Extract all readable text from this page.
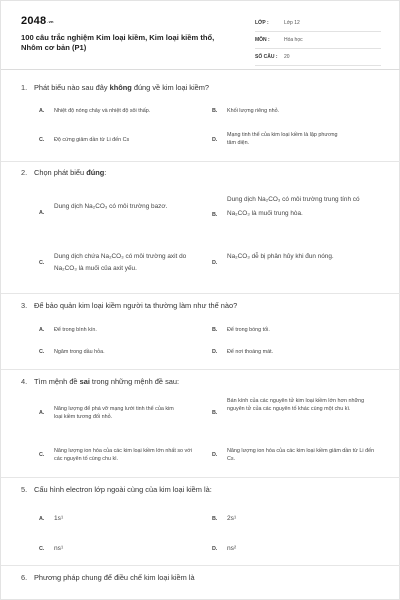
2048.vn
100 câu trắc nghiệm Kim loại kiềm, Kim loại kiềm thổ, Nhôm cơ bản (P1)
LỚP :	Lớp 12
MÔN :	Hóa học
SỐ CÂU :	20
1. Phát biểu nào sau đây không đúng về kim loại kiềm?
A. Nhiệt độ nóng chảy và nhiệt độ sôi thấp.	B. Khối lượng riêng nhỏ.
C. Độ cứng giảm dần từ Li đến Cs	D.
Mạng tinh thể của kim loại kiềm là lập phương tâm diện.
2. Chọn phát biểu đúng:
A.
Dung dịch Na₂CO₃ có môi trường bazơ.
B.
Dung dịch Na₂CO₃ có môi trường trung tính có Na₂CO₃ là muối trung hòa.
C.
Dung dịch chứa Na₂CO₃ có môi trường axit do Na₂CO₃ là muối của axit yếu.
D.
Na₂CO₃ dễ bị phân hủy khi đun nóng.
3. Để bảo quản kim loại kiềm người ta thường làm như thế nào?
A. Để trong bình kín.	B. Để trong bóng tối.
C. Ngâm trong dầu hỏa.	D. Để nơi thoáng mát.
4. Tìm mệnh đề sai trong những mệnh đề sau:
A.
Năng lượng để phá vỡ mạng lưới tinh thể của kim loại kiềm tương đối nhỏ.
B.
Bán kính của các nguyên tử kim loại kiềm lớn hơn những nguyên tử của các nguyên tố khác cùng một chu kì.
C.
Năng lượng ion hóa của các kim loại kiềm lớn nhất so với các nguyên tố cùng chu kì.
D.
Năng lượng ion hóa của các kim loại kiềm giảm dần từ Li đến Cs.
5. Cấu hình electron lớp ngoài cùng của kim loại kiềm là:
A. 1s¹	B. 2s¹
C. ns¹	D. ns²
6. Phương pháp chung để điều chế kim loại kiềm là
